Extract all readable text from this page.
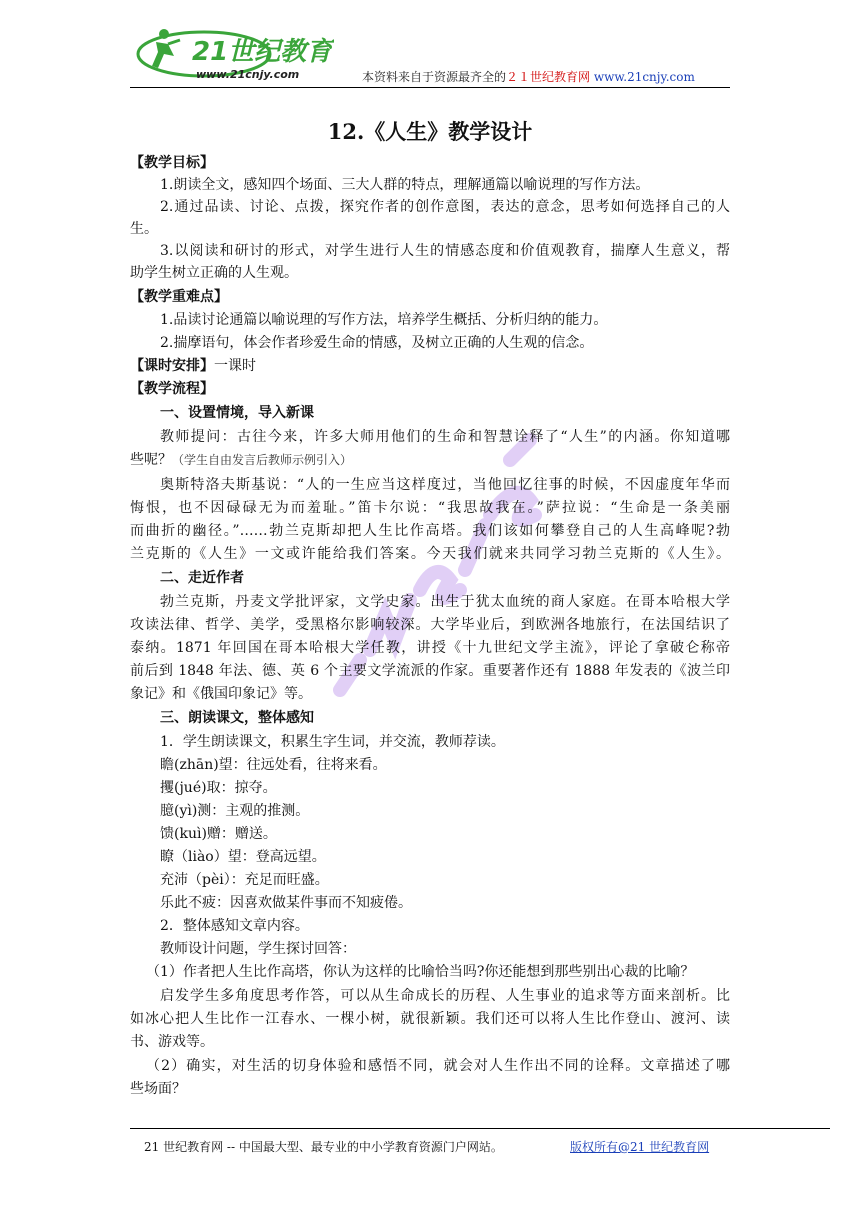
21世纪教育
www.21cnjy.com	本资料来自于资源最齐全的２１世纪教育网 www.21cnjy.com
12.《人生》教学设计
【教学目标】
1.朗读全文，感知四个场面、三大人群的特点，理解通篇以喻说理的写作方法。
2.通过品读、讨论、点拨，探究作者的创作意图，表达的意念，思考如何选择自己的人
生。
3.以阅读和研讨的形式，对学生进行人生的情感态度和价值观教育，揣摩人生意义，帮
助学生树立正确的人生观。
【教学重难点】
1.品读讨论通篇以喻说理的写作方法，培养学生概括、分析归纳的能力。
2.揣摩语句，体会作者珍爱生命的情感，及树立正确的人生观的信念。
【课时安排】一课时
【教学流程】
一、设置情境，导入新课
教师提问：古往今来，许多大师用他们的生命和智慧诠释了“人生”的内涵。你知道哪
些呢？（学生自由发言后教师示例引入）
奥斯特洛夫斯基说：“人的一生应当这样度过，当他回忆往事的时候，不因虚度年华而
悔恨，也不因碌碌无为而羞耻。”笛卡尔说：“我思故我在。”萨拉说：“生命是一条美丽
而曲折的幽径。”……勃兰克斯却把人生比作高塔。我们该如何攀登自己的人生高峰呢?勃
兰克斯的《人生》一文或许能给我们答案。今天我们就来共同学习勃兰克斯的《人生》。
二、走近作者
勃兰克斯，丹麦文学批评家，文学史家。出生于犹太血统的商人家庭。在哥本哈根大学
攻读法律、哲学、美学，受黑格尔影响较深。大学毕业后，到欧洲各地旅行，在法国结识了
泰纳。1871 年回国在哥本哈根大学任教，讲授《十九世纪文学主流》，评论了拿破仑称帝
前后到 1848 年法、德、英 6 个主要文学流派的作家。重要著作还有 1888 年发表的《波兰印
象记》和《俄国印象记》等。
三、朗读课文，整体感知
1．学生朗读课文，积累生字生词，并交流，教师荐读。
瞻(zhān)望：往远处看，往将来看。
攫(jué)取：掠夺。
臆(yì)测：主观的推测。
馈(kuì)赠：赠送。
瞭（liào）望：登高远望。
充沛（pèi）：充足而旺盛。
乐此不疲：因喜欢做某件事而不知疲倦。
2．整体感知文章内容。
教师设计问题，学生探讨回答：
（1）作者把人生比作高塔，你认为这样的比喻恰当吗?你还能想到那些别出心裁的比喻？
启发学生多角度思考作答，可以从生命成长的历程、人生事业的追求等方面来剖析。比
如冰心把人生比作一江春水、一棵小树，就很新颖。我们还可以将人生比作登山、渡河、读
书、游戏等。
（2）确实，对生活的切身体验和感悟不同，就会对人生作出不同的诠释。文章描述了哪
些场面？
21 世纪教育网 -- 中国最大型、最专业的中小学教育资源门户网站。	版权所有@21 世纪教育网
